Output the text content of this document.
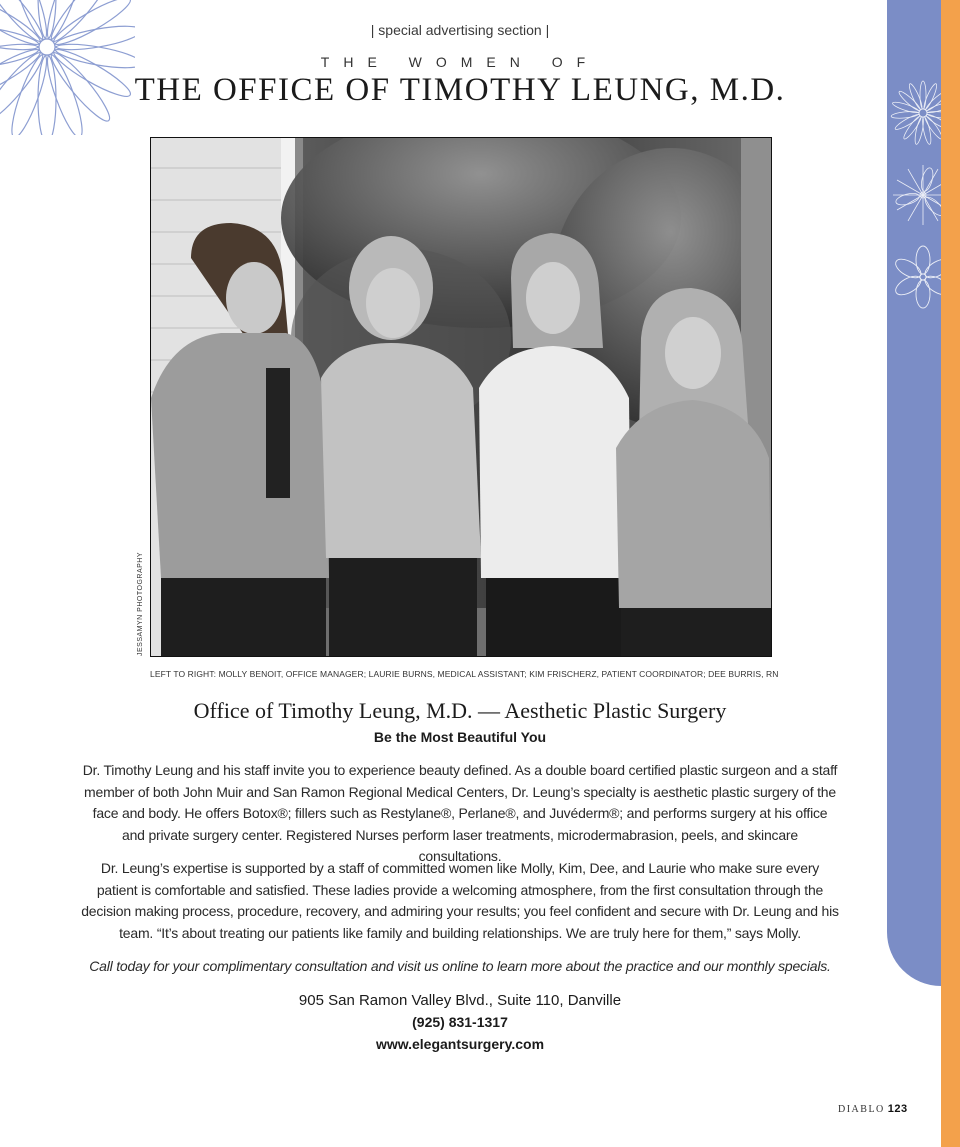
| special advertising section |
THE WOMEN OF
THE OFFICE OF TIMOTHY LEUNG, M.D.
JESSAMYN PHOTOGRAPHY
LEFT TO RIGHT: MOLLY BENOIT, OFFICE MANAGER; LAURIE BURNS, MEDICAL ASSISTANT; KIM FRISCHERZ, PATIENT COORDINATOR; DEE BURRIS, RN
Office of Timothy Leung, M.D. — Aesthetic Plastic Surgery
Be the Most Beautiful You
Dr. Timothy Leung and his staff invite you to experience beauty defined. As a double board certified plastic surgeon and a staff member of both John Muir and San Ramon Regional Medical Centers, Dr. Leung’s specialty is aesthetic plastic surgery of the face and body. He offers Botox®; fillers such as Restylane®, Perlane®, and Juvéderm®; and performs surgery at his office and private surgery center. Registered Nurses perform laser treatments, microdermabrasion, peels, and skincare consultations.
Dr. Leung’s expertise is supported by a staff of committed women like Molly, Kim, Dee, and Laurie who make sure every patient is comfortable and satisfied. These ladies provide a welcoming atmosphere, from the first consultation through the decision making process, procedure, recovery, and admiring your results; you feel confident and secure with Dr. Leung and his team. “It’s about treating our patients like family and building relationships. We are truly here for them,” says Molly.
Call today for your complimentary consultation and visit us online to learn more about the practice and our monthly specials.
905 San Ramon Valley Blvd., Suite 110, Danville
(925) 831-1317
www.elegantsurgery.com
DIABLO 123
